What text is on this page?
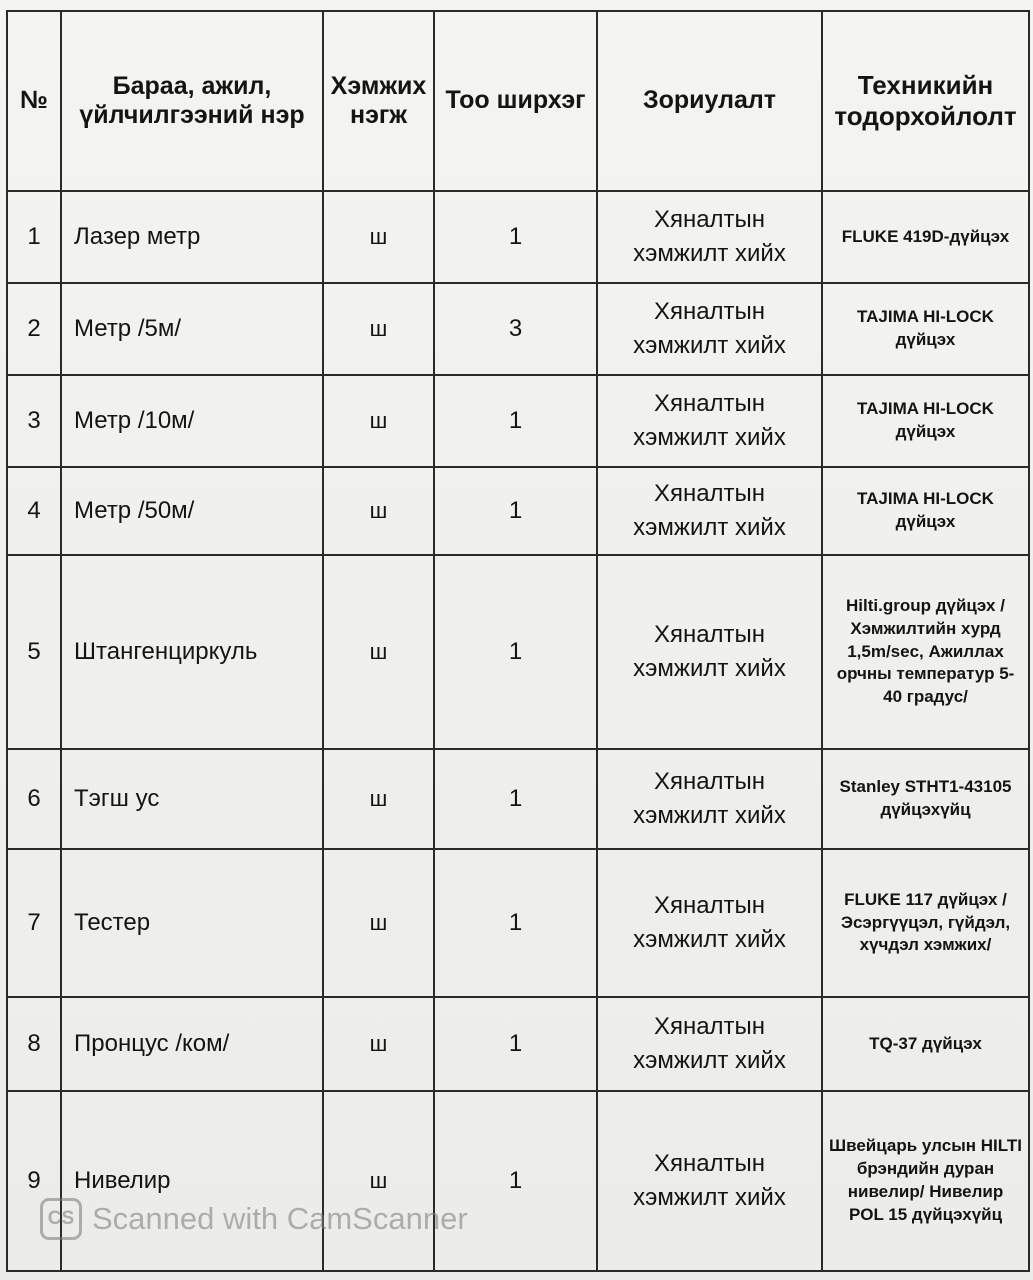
№	Бараа, ажил, үйлчилгээний нэр	Хэмжих нэгж	Тоо ширхэг	Зориулалт	Техникийн тодорхойлолт
1	Лазер метр	ш	1	Хяналтын хэмжилт хийх	FLUKE 419D-дүйцэх
2	Метр /5м/	ш	3	Хяналтын хэмжилт хийх	TAJIMA HI-LOCK дүйцэх
3	Метр /10м/	ш	1	Хяналтын хэмжилт хийх	TAJIMA HI-LOCK дүйцэх
4	Метр /50м/	ш	1	Хяналтын хэмжилт хийх	TAJIMA HI-LOCK дүйцэх
5	Штангенциркуль	ш	1	Хяналтын хэмжилт хийх	Hilti.group дүйцэх /Хэмжилтийн хурд 1,5m/sec, Ажиллах орчны температур 5-40 градус/
6	Тэгш ус	ш	1	Хяналтын хэмжилт хийх	Stanley STHT1-43105 дүйцэхүйц
7	Тестер	ш	1	Хяналтын хэмжилт хийх	FLUKE 117 дүйцэх /Эсэргүүцэл, гүйдэл, хүчдэл хэмжих/
8	Пронцус /ком/	ш	1	Хяналтын хэмжилт хийх	TQ-37 дүйцэх
9	Нивелир	ш	1	Хяналтын хэмжилт хийх	Швейцарь улсын HILTI брэндийн дуран нивелир/ Нивелир POL 15 дүйцэхүйц
CS Scanned with CamScanner
